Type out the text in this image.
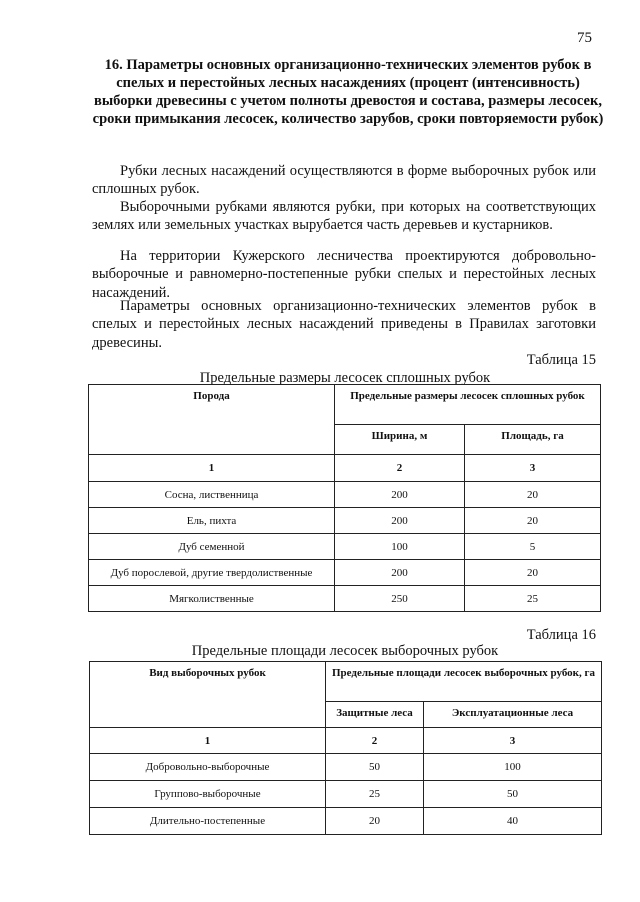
75
16. Параметры основных организационно-технических элементов рубок в спелых и перестойных лесных насаждениях (процент (интенсивность) выборки древесины с учетом полноты древостоя и состава, размеры лесосек, сроки примыкания лесосек, количество зарубов, сроки повторяемости рубок)

Рубки лесных насаждений осуществляются в форме выборочных рубок или сплошных рубок.

Выборочными рубками являются рубки, при которых на соответствующих землях или земельных участках вырубается часть деревьев и кустарников.

На территории Кужерского лесничества проектируются добровольно-выборочные и равномерно-постепенные рубки спелых и перестойных лесных насаждений.

Параметры основных организационно-технических элементов рубок в спелых и перестойных лесных насаждений приведены в Правилах заготовки древесины.

Таблица 15
Предельные размеры лесосек сплошных рубок
Порода	Предельные размеры лесосек сплошных рубок	
	Ширина, м	Площадь, га
1	2	3
Сосна, лиственница	200	20
Ель, пихта	200	20
Дуб семенной	100	5
Дуб порослевой, другие твердолиственные	200	20
Мягколиственные	250	25
Таблица 16
Предельные площади лесосек выборочных рубок
Вид выборочных рубок	Предельные площади лесосек выборочных рубок, га	
	Защитные леса	Эксплуатационные леса
1	2	3
Добровольно-выборочные	50	100
Группово-выборочные	25	50
Длительно-постепенные	20	40
